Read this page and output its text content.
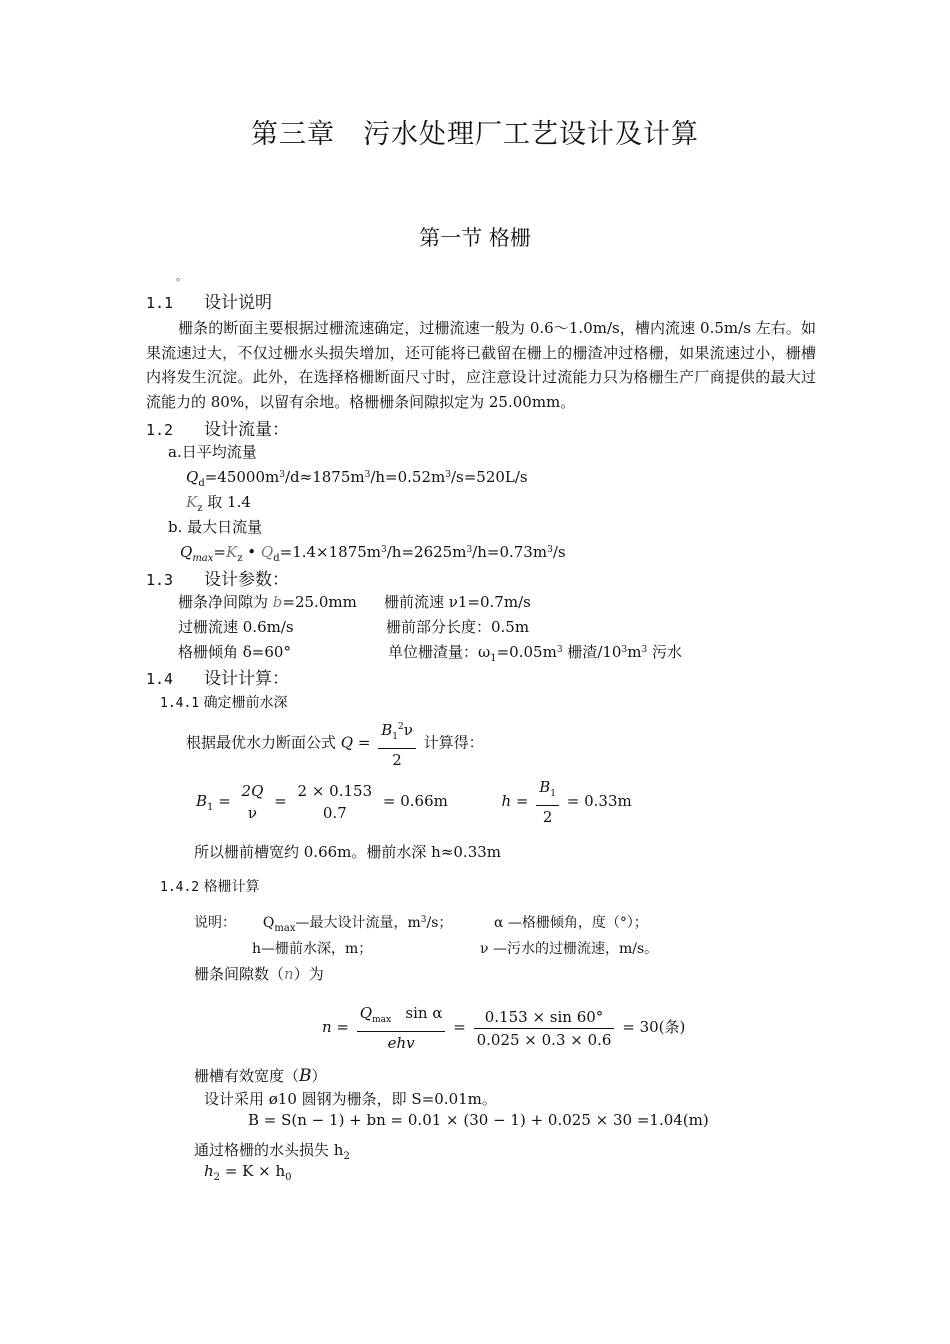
第三章　污水处理厂工艺设计及计算
第一节 格栅
。
1.1 设计说明
栅条的断面主要根据过栅流速确定，过栅流速一般为 0.6～1.0m/s，槽内流速 0.5m/s 左右。如果流速过大，不仅过栅水头损失增加，还可能将已截留在栅上的栅渣冲过格栅，如果流速过小，栅槽内将发生沉淀。此外，在选择格栅断面尺寸时，应注意设计过流能力只为格栅生产厂商提供的最大过流能力的 80%，以留有余地。格栅栅条间隙拟定为 25.00mm。
1.2 设计流量：
a.日平均流量
$Q_d=45000m^3/d\approx 1875m^3/h=0.52m^3/s=520L/s$
$K_z$ 取 1.4
b. 最大日流量
$Q_{max}=K_z$ • $Q_d=1.4\times 1875m^3/h=2625m^3/h=0.73m^3/s$
1.3 设计参数：
栅条净间隙为 b=25.0mm 栅前流速 ν1=0.7m/s
过栅流速 0.6m/s	栅前部分长度：0.5m
格栅倾角 δ=60°	单位栅渣量：$\omega_1=0.05m^3$ 栅渣$/10^3m^3$ 污水
1.4 设计计算：
1.4.1 确定栅前水深
根据最优水力断面公式 $Q = \frac{B_1^2\nu}{2}$ 计算得：
$B_1$ =
2Q
ν
=
2 × 0.153
0.7
= 0.66m	$h = \frac{B_1}{2} = 0.33m$
所以栅前槽宽约 0.66m。栅前水深 h≈0.33m
1.4.2 格栅计算
说明： $Q_{max}—$最大设计流量，$m^3/s$；	α —格栅倾角，度（°）；
h—栅前水深，m；	ν —污水的过栅流速，m/s。
栅条间隙数（n）为
$n = \frac{Q_{max} \sin \alpha}{\text{ehv}} = \frac{0.153 \times \sin 60^\circ}{0.025 \times 0.3 \times 0.6} = 30$(条)
栅槽有效宽度（B）
设计采用 ø10 圆钢为栅条，即 S=0.01m。
B = S(n − 1) + bn = 0.01 × (30 − 1) + 0.025 × 30 =1.04(m)
通过格栅的水头损失 $h_2$
$h_2 = K \times h_0$
